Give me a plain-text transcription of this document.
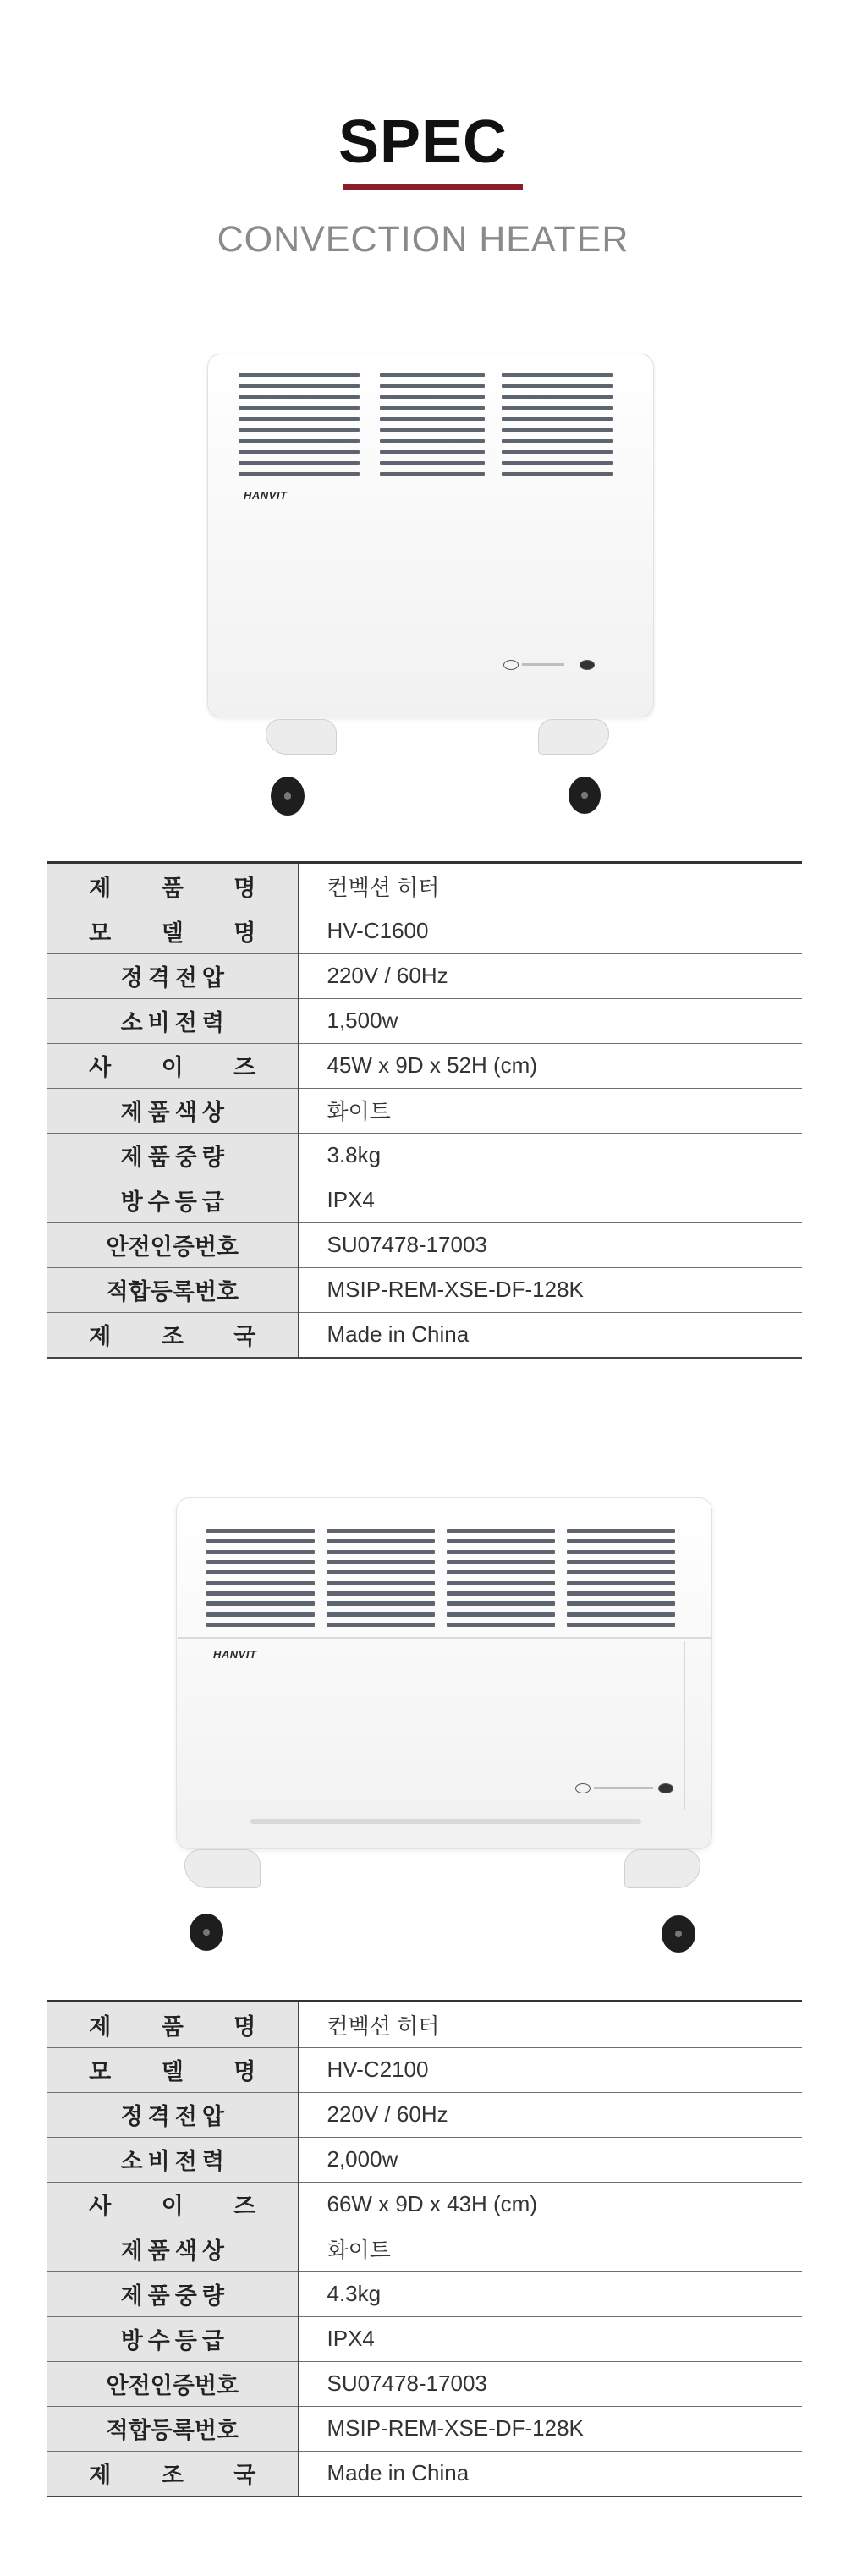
SPEC
CONVECTION HEATER
HANVIT
제 품 명	컨벡션 히터
모 델 명	HV-C1600
정격전압	220V / 60Hz
소비전력	1,500w
사 이 즈	45W x 9D x 52H (cm)
제품색상	화이트
제품중량	3.8kg
방수등급	IPX4
안전인증번호	SU07478-17003
적합등록번호	MSIP-REM-XSE-DF-128K
제 조 국	Made in China
HANVIT
제 품 명	컨벡션 히터
모 델 명	HV-C2100
정격전압	220V / 60Hz
소비전력	2,000w
사 이 즈	66W x 9D x 43H (cm)
제품색상	화이트
제품중량	4.3kg
방수등급	IPX4
안전인증번호	SU07478-17003
적합등록번호	MSIP-REM-XSE-DF-128K
제 조 국	Made in China
